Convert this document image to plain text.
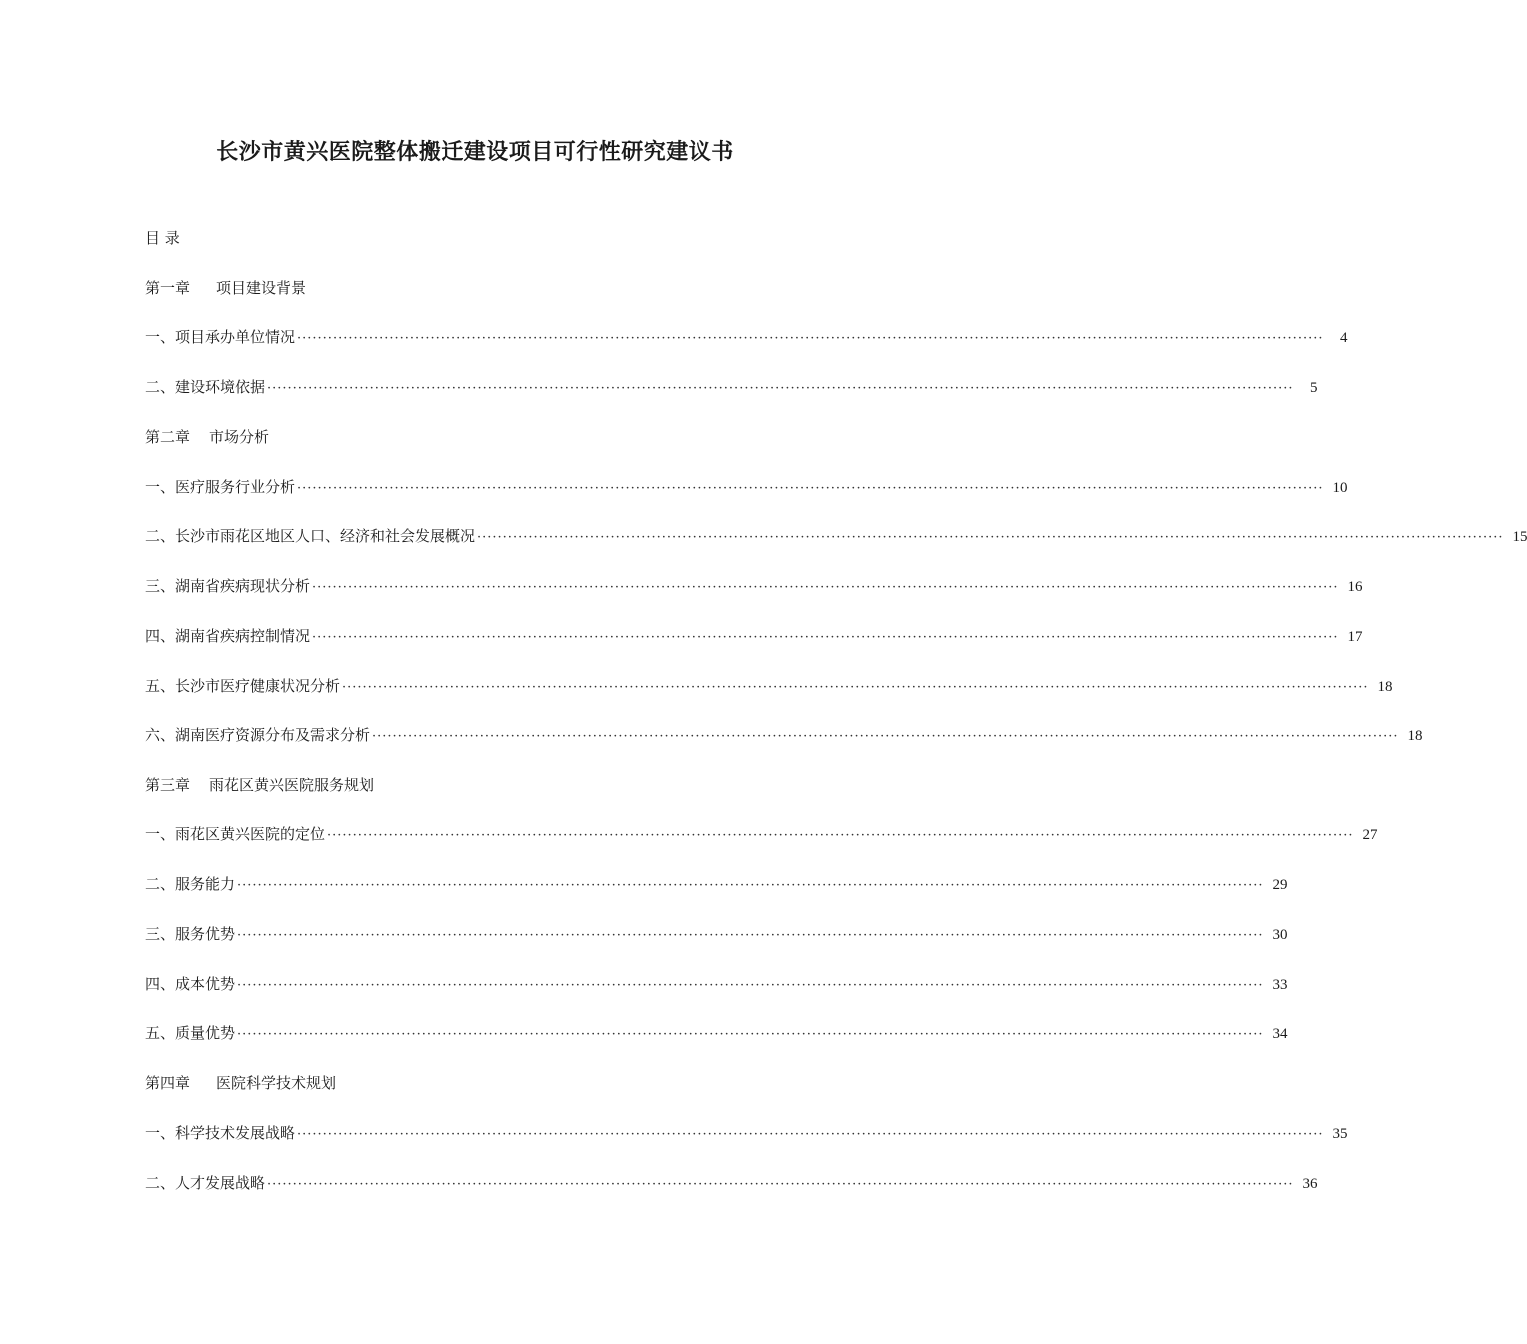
长沙市黄兴医院整体搬迁建设项目可行性研究建议书
目 录
第一章 项目建设背景
一、项目承办单位情况 ········································································································································································································	4
二、建设环境依据 ········································································································································································································	5
第二章 市场分析
一、医疗服务行业分析 ········································································································································································································ 10
二、长沙市雨花区地区人口、经济和社会发展概况 ········································································································································································································ 15
三、湖南省疾病现状分析 ········································································································································································································ 16
四、湖南省疾病控制情况 ········································································································································································································ 17
五、长沙市医疗健康状况分析 ········································································································································································································ 18
六、湖南医疗资源分布及需求分析 ········································································································································································································ 18
第三章 雨花区黄兴医院服务规划
一、雨花区黄兴医院的定位 ········································································································································································································ 27
二、服务能力 ········································································································································································································ 29
三、服务优势 ········································································································································································································ 30
四、成本优势 ········································································································································································································ 33
五、质量优势 ········································································································································································································ 34
第四章 医院科学技术规划
一、科学技术发展战略 ········································································································································································································ 35
二、人才发展战略 ········································································································································································································ 36
